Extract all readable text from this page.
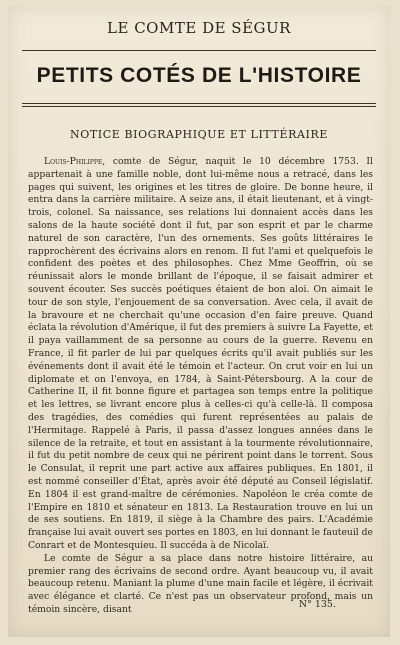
LE COMTE DE SÉGUR
PETITS COTÉS DE L'HISTOIRE
NOTICE BIOGRAPHIQUE ET LITTÉRAIRE

Louis-Philippe, comte de Ségur, naquit le 10 décembre 1753. Il appartenait à une famille noble, dont lui-même nous a retracé, dans les pages qui suivent, les origines et les titres de gloire. De bonne heure, il entra dans la carrière militaire. A seize ans, il était lieutenant, et à vingt-trois, colonel. Sa naissance, ses relations lui donnaient accès dans les salons de la haute société dont il fut, par son esprit et par le charme naturel de son caractère, l'un des ornements. Ses goûts littéraires le rapprochèrent des écrivains alors en renom. Il fut l'ami et quelquefois le confident des poètes et des philosophes. Chez Mme Geoffrin, où se réunissait alors le monde brillant de l'époque, il se faisait admirer et souvent écouter. Ses succès poétiques étaient de bon aloi. On aimait le tour de son style, l'enjouement de sa conversation. Avec cela, il avait de la bravoure et ne cherchait qu'une occasion d'en faire preuve. Quand éclata la révolution d'Amérique, il fut des premiers à suivre La Fayette, et il paya vaillamment de sa personne au cours de la guerre. Revenu en France, il fit parler de lui par quelques écrits qu'il avait publiés sur les événements dont il avait été le témoin et l'acteur. On crut voir en lui un diplomate et on l'envoya, en 1784, à Saint-Pétersbourg. A la cour de Catherine II, il fit bonne figure et partagea son temps entre la politique et les lettres, se livrant encore plus à celles-ci qu'à celle-là. Il composa des tragédies, des comédies qui furent représentées au palais de l'Hermitage. Rappelé à Paris, il passa d'assez longues années dans le silence de la retraite, et tout en assistant à la tourmente révolutionnaire, il fut du petit nombre de ceux qui ne périrent point dans le torrent. Sous le Consulat, il reprit une part active aux affaires publiques. En 1801, il est nommé conseiller d'État, après avoir été député au Conseil législatif. En 1804 il est grand-maître de cérémonies. Napoléon le créa comte de l'Empire en 1810 et sénateur en 1813. La Restauration trouve en lui un de ses soutiens. En 1819, il siège à la Chambre des pairs. L'Académie française lui avait ouvert ses portes en 1803, en lui donnant le fauteuil de Conrart et de Montesquieu. Il succéda à de Nicolaï.

Le comte de Ségur a sa place dans notre histoire littéraire, au premier rang des écrivains de second ordre. Ayant beaucoup vu, il avait beaucoup retenu. Maniant la plume d'une main facile et légère, il écrivait avec élégance et clarté. Ce n'est pas un observateur profond, mais un témoin sincère, disant	N° 135.
